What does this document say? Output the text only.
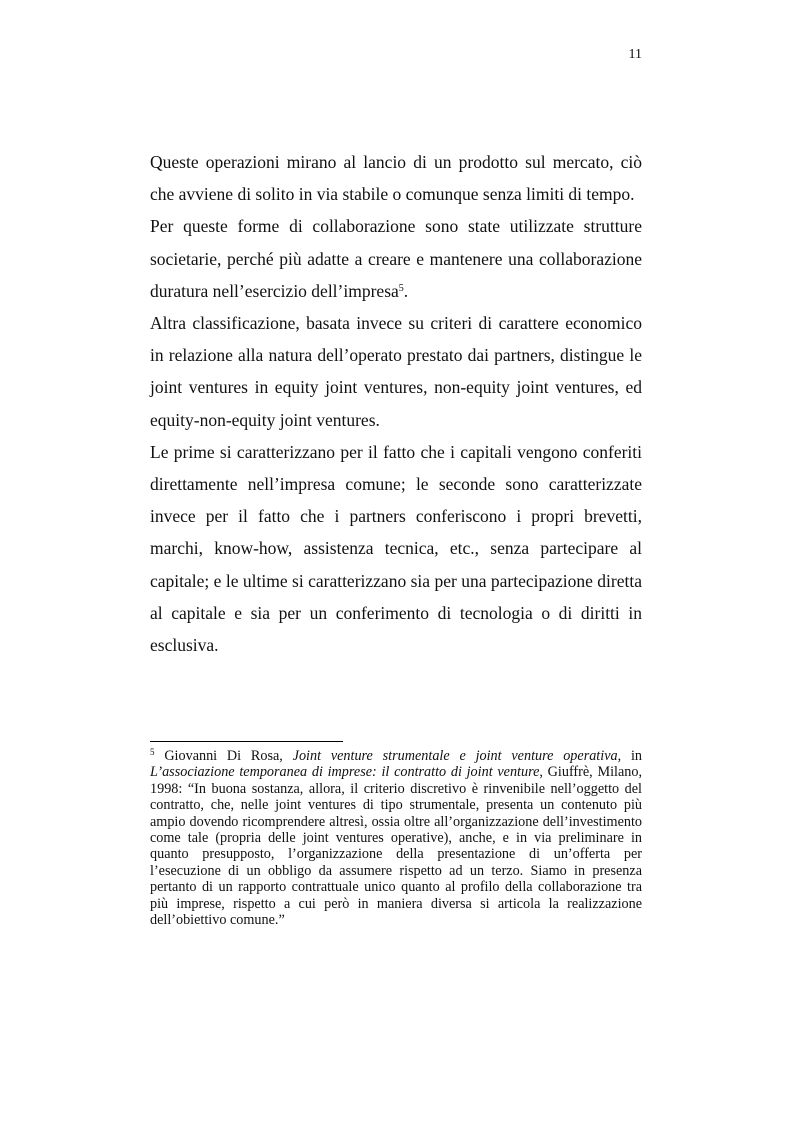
11

Queste operazioni mirano al lancio di un prodotto sul mercato, ciò che avviene di solito in via stabile o comunque senza limiti di tempo.

Per queste forme di collaborazione sono state utilizzate strutture societarie, perché più adatte a creare e mantenere una collaborazione duratura nell’esercizio dell’impresa$^5$.

Altra classificazione, basata invece su criteri di carattere economico in relazione alla natura dell’operato prestato dai partners, distingue le joint ventures in equity joint ventures, non-equity joint ventures, ed equity-non-equity joint ventures.

Le prime si caratterizzano per il fatto che i capitali vengono conferiti direttamente nell’impresa comune; le seconde sono caratterizzate invece per il fatto che i partners conferiscono i propri brevetti, marchi, know-how, assistenza tecnica, etc., senza partecipare al capitale; e le ultime si caratterizzano sia per una partecipazione diretta al capitale e sia per un conferimento di tecnologia o di diritti in esclusiva.

$^5$ Giovanni Di Rosa, Joint venture strumentale e joint venture operativa, in L’associazione temporanea di imprese: il contratto di joint venture, Giuffrè, Milano, 1998: “In buona sostanza, allora, il criterio discretivo è rinvenibile nell’oggetto del contratto, che, nelle joint ventures di tipo strumentale, presenta un contenuto più ampio dovendo ricomprendere altresì, ossia oltre all’organizzazione dell’investimento come tale (propria delle joint ventures operative), anche, e in via preliminare in quanto presupposto, l’organizzazione della presentazione di un’offerta per l’esecuzione di un obbligo da assumere rispetto ad un terzo. Siamo in presenza pertanto di un rapporto contrattuale unico quanto al profilo della collaborazione tra più imprese, rispetto a cui però in maniera diversa si articola la realizzazione dell’obiettivo comune.”
